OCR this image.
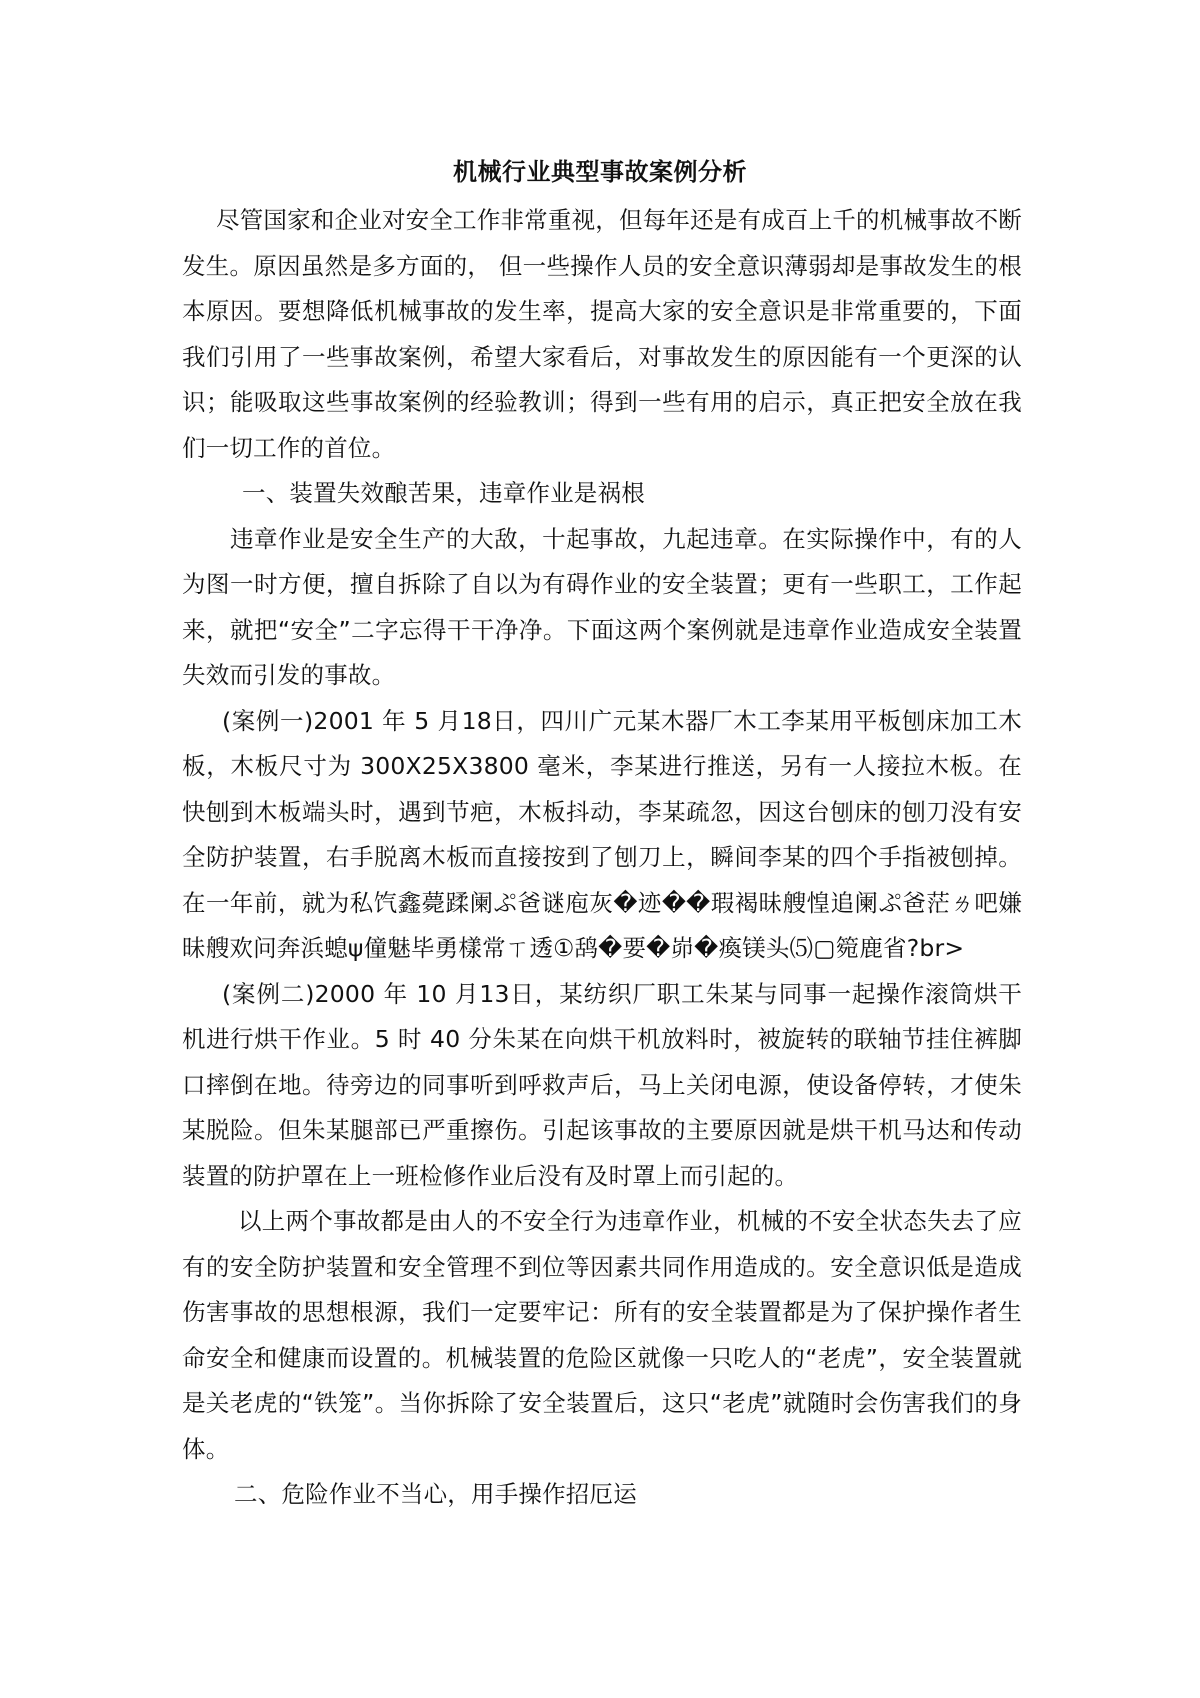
机械行业典型事故案例分析

尽管国家和企业对安全工作非常重视，但每年还是有成百上千的机械事故不断发生。原因虽然是多方面的， 但一些操作人员的安全意识薄弱却是事故发生的根本原因。要想降低机械事故的发生率，提高大家的安全意识是非常重要的，下面我们引用了一些事故案例，希望大家看后，对事故发生的原因能有一个更深的认识；能吸取这些事故案例的经验教训；得到一些有用的启示，真正把安全放在我们一切工作的首位。

一、装置失效酿苦果，违章作业是祸根

违章作业是安全生产的大敌，十起事故，九起违章。在实际操作中，有的人为图一时方便，擅自拆除了自以为有碍作业的安全装置；更有一些职工，工作起来，就把“安全”二字忘得干干净净。下面这两个案例就是违章作业造成安全装置失效而引发的事故。

(案例一)2001 年 5 月18日，四川广元某木器厂木工李某用平板刨床加工木板，木板尺寸为 300X25X3800 毫米，李某进行推送，另有一人接拉木板。在快刨到木板端头时，遇到节疤，木板抖动，李某疏忽，因这台刨床的刨刀没有安全防护装置，右手脱离木板而直接按到了刨刀上，瞬间李某的四个手指被刨掉。在一年前，就为私饩鑫薨蹂阑ぷ爸谜庖灰�迹��瑕褐昧艘惶追阑ぷ爸茫ㄌ吧嫌昧艘欢问奔浜螅ψ僮魅毕勇樣常ㄒ透①鸹�要�峁�瘓镁头⑸▢箢鹿省?br>

(案例二)2000 年 10 月13日，某纺织厂职工朱某与同事一起操作滚筒烘干机进行烘干作业。5 时 40 分朱某在向烘干机放料时，被旋转的联轴节挂住裤脚口摔倒在地。待旁边的同事听到呼救声后，马上关闭电源，使设备停转，才使朱某脱险。但朱某腿部已严重擦伤。引起该事故的主要原因就是烘干机马达和传动装置的防护罩在上一班检修作业后没有及时罩上而引起的。

以上两个事故都是由人的不安全行为违章作业，机械的不安全状态失去了应有的安全防护装置和安全管理不到位等因素共同作用造成的。安全意识低是造成伤害事故的思想根源，我们一定要牢记：所有的安全装置都是为了保护操作者生命安全和健康而设置的。机械装置的危险区就像一只吃人的“老虎”，安全装置就是关老虎的“铁笼”。当你拆除了安全装置后，这只“老虎”就随时会伤害我们的身体。

二、危险作业不当心，用手操作招厄运
